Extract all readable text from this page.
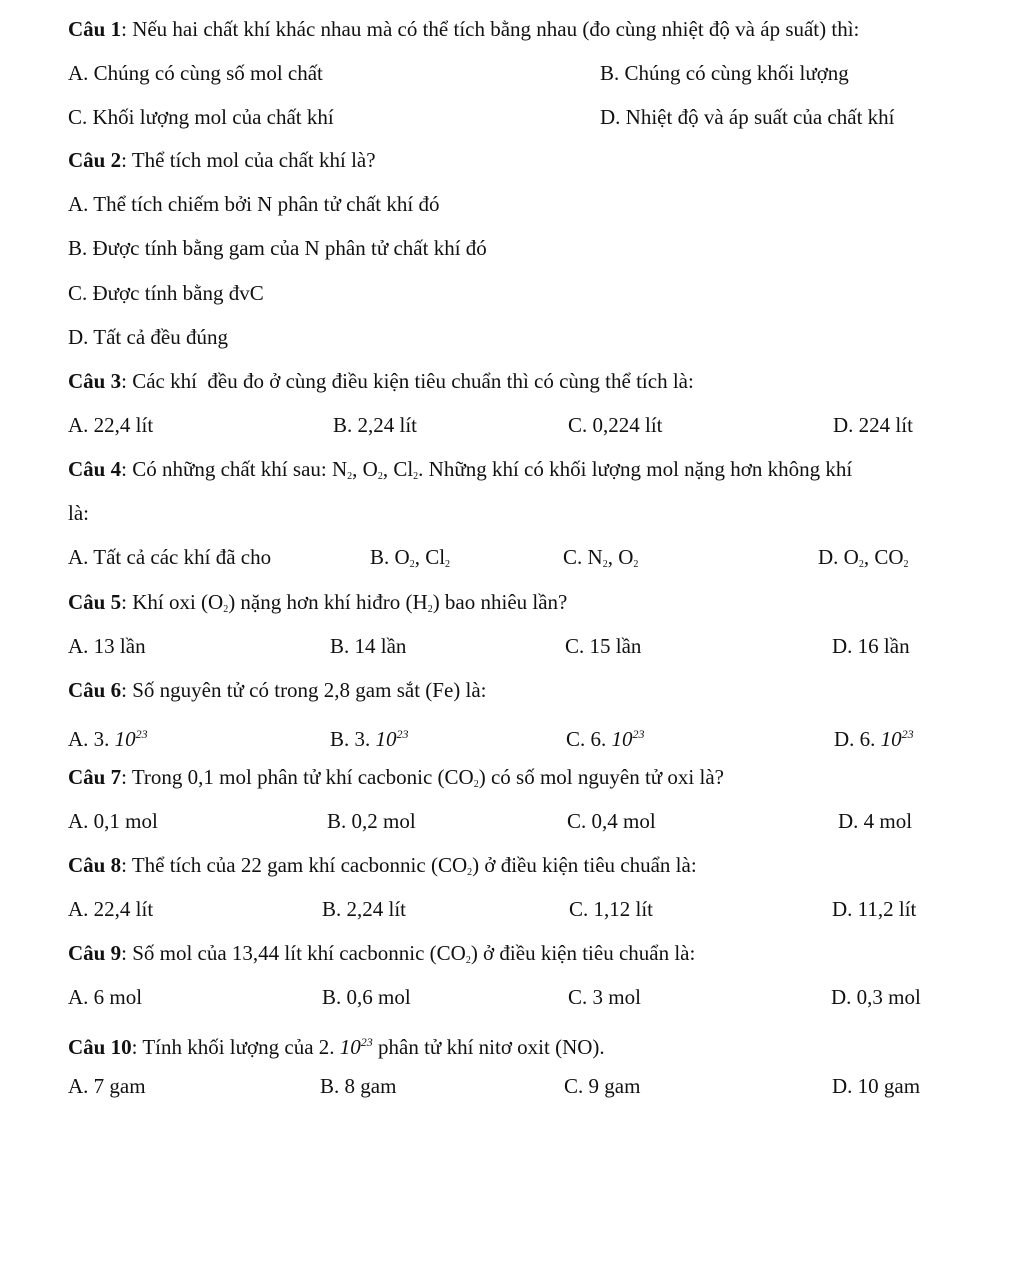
Câu 1: Nếu hai chất khí khác nhau mà có thể tích bằng nhau (đo cùng nhiệt độ và áp suất) thì:
A. Chúng có cùng số mol chất	B. Chúng có cùng khối lượng
C. Khối lượng mol của chất khí	D. Nhiệt độ và áp suất của chất khí
Câu 2: Thể tích mol của chất khí là?
A. Thể tích chiếm bởi N phân tử chất khí đó
B. Được tính bằng gam của N phân tử chất khí đó
C. Được tính bằng đvC
D. Tất cả đều đúng
Câu 3: Các khí  đều đo ở cùng điều kiện tiêu chuẩn thì có cùng thể tích là:
A. 22,4 lít	B. 2,24 lít	C. 0,224 lít	D. 224 lít
Câu 4: Có những chất khí sau: $N_2$, $O_2$, $Cl_2$. Những khí có khối lượng mol nặng hơn không khí
là:
A. Tất cả các khí đã cho	B. $O_2$, $Cl_2$	C. $N_2$, $O_2$	D. $O_2$, $CO_2$
Câu 5: Khí oxi $(O_2)$ nặng hơn khí hiđro $(H_2)$ bao nhiêu lần?
A. 13 lần	B. 14 lần	C. 15 lần	D. 16 lần
Câu 6: Số nguyên tử có trong 2,8 gam sắt (Fe) là:
A. 3. $10^{23}$	B. 3. $10^{23}$	C. 6. $10^{23}$	D. 6. $10^{23}$
Câu 7: Trong 0,1 mol phân tử khí cacbonic $(CO_2)$ có số mol nguyên tử oxi là?
A. 0,1 mol	B. 0,2 mol	C. 0,4 mol	D. 4 mol
Câu 8: Thể tích của 22 gam khí cacbonnic $(CO_2)$ ở điều kiện tiêu chuẩn là:
A. 22,4 lít	B. 2,24 lít	C. 1,12 lít	D. 11,2 lít
Câu 9: Số mol của 13,44 lít khí cacbonnic $(CO_2)$ ở điều kiện tiêu chuẩn là:
A. 6 mol	B. 0,6 mol	C. 3 mol	D. 0,3 mol
Câu 10: Tính khối lượng của 2. $10^{23}$ phân tử khí nitơ oxit (NO).
A. 7 gam	B. 8 gam	C. 9 gam	D. 10 gam
